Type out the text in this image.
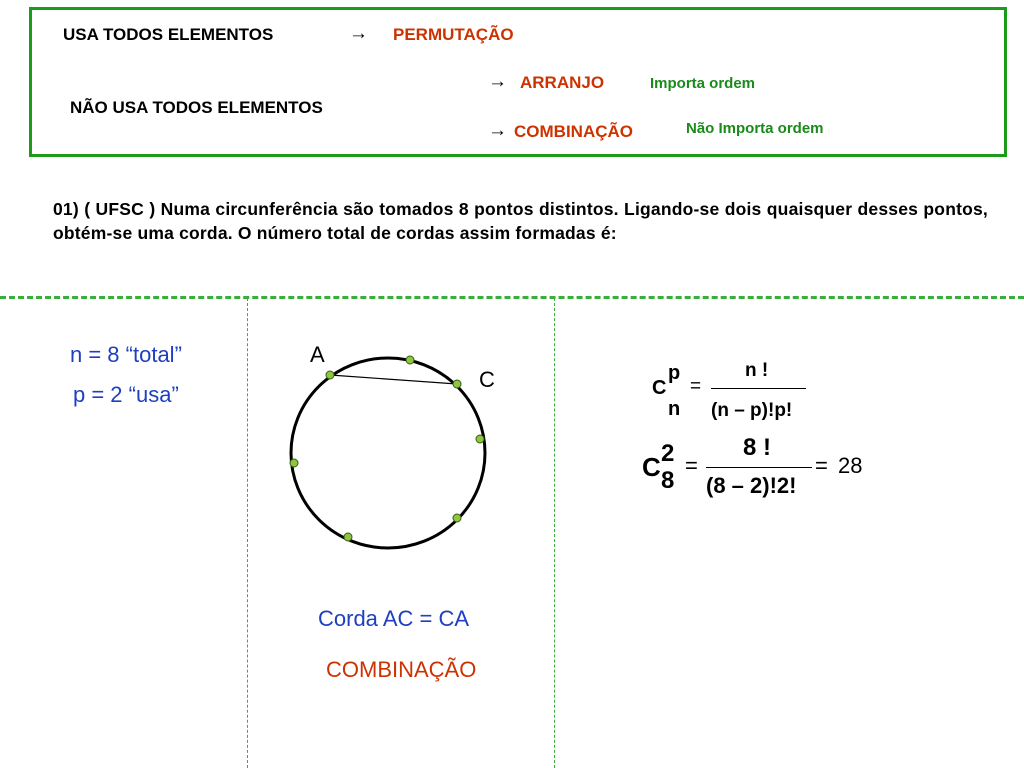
USA TODOS ELEMENTOS	→ PERMUTAÇÃO
NÃO USA TODOS ELEMENTOS
→ ARRANJO	Importa ordem
→ COMBINAÇÃO	Não Importa ordem
01) ( UFSC ) Numa circunferência são tomados 8 pontos distintos. Ligando-se dois quaisquer desses pontos, obtém-se uma corda. O número total de cordas assim formadas é:
n = 8 “total”
p = 2 “usa”
A
C
Corda AC = CA
COMBINAÇÃO
C
p
n
=
n !
(n – p)!p!
C 2
8
=
8 !
(8 – 2)!2!
= 28
